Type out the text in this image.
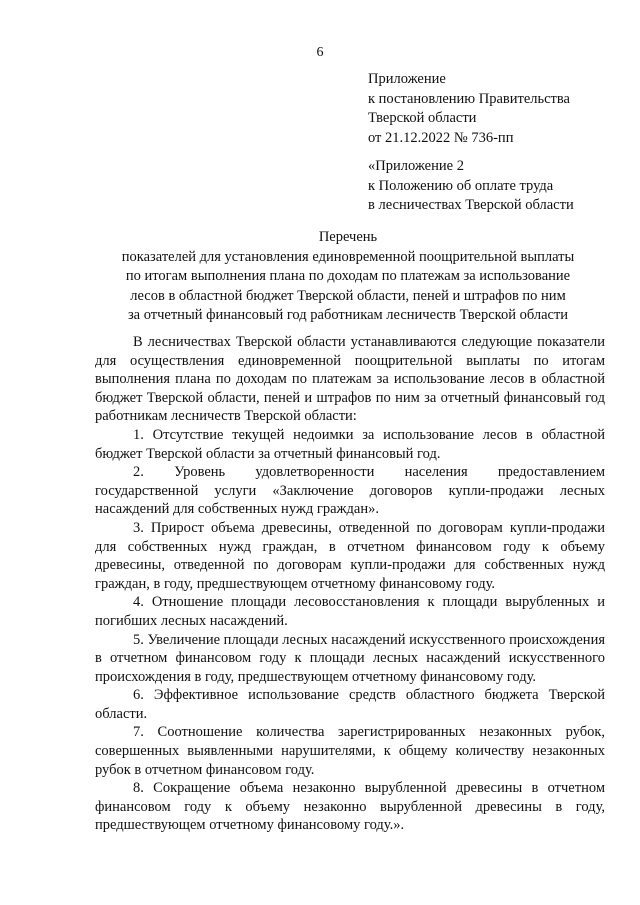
6
Приложение
к постановлению Правительства
Тверской области
от 21.12.2022 № 736-пп
«Приложение 2
к Положению об оплате труда
в лесничествах Тверской области
Перечень
показателей для установления единовременной поощрительной выплаты
по итогам выполнения плана по доходам по платежам за использование
лесов в областной бюджет Тверской области, пеней и штрафов по ним
за отчетный финансовый год работникам лесничеств Тверской области

В лесничествах Тверской области устанавливаются следующие показатели для осуществления единовременной поощрительной выплаты по итогам выполнения плана по доходам по платежам за использование лесов в областной бюджет Тверской области, пеней и штрафов по ним за отчетный финансовый год работникам лесничеств Тверской области:

1. Отсутствие текущей недоимки за использование лесов в областной бюджет Тверской области за отчетный финансовый год.

2. Уровень удовлетворенности населения предоставлением государственной услуги «Заключение договоров купли-продажи лесных насаждений для собственных нужд граждан».

3. Прирост объема древесины, отведенной по договорам купли-продажи для собственных нужд граждан, в отчетном финансовом году к объему древесины, отведенной по договорам купли-продажи для собственных нужд граждан, в году, предшествующем отчетному финансовому году.

4. Отношение площади лесовосстановления к площади вырубленных и погибших лесных насаждений.

5. Увеличение площади лесных насаждений искусственного происхождения в отчетном финансовом году к площади лесных насаждений искусственного происхождения в году, предшествующем отчетному финансовому году.

6. Эффективное использование средств областного бюджета Тверской области.

7. Соотношение количества зарегистрированных незаконных рубок, совершенных выявленными нарушителями, к общему количеству незаконных рубок в отчетном финансовом году.

8. Сокращение объема незаконно вырубленной древесины в отчетном финансовом году к объему незаконно вырубленной древесины в году, предшествующем отчетному финансовому году.».
